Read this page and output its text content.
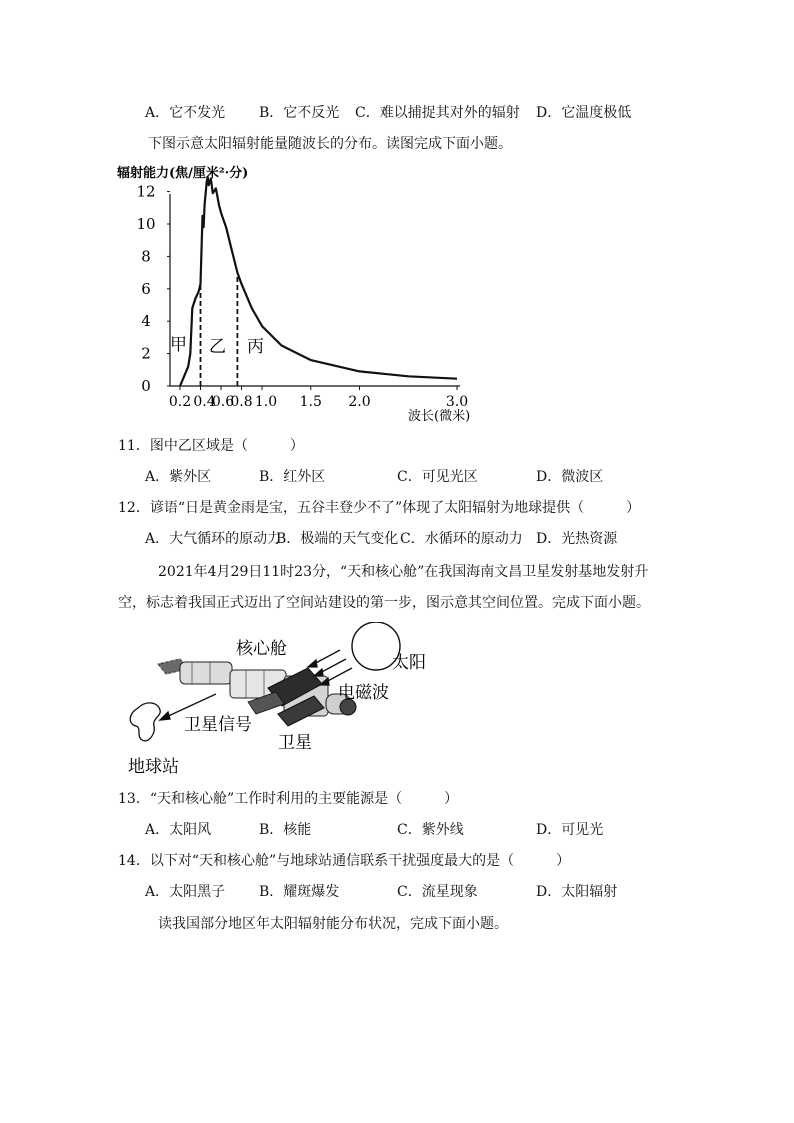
A．它不发光 B．它不反光 C．难以捕捉其对外的辐射 D．它温度极低
下图示意太阳辐射能量随波长的分布。读图完成下面小题。
辐射能力(焦/厘米²·分)
0
2
4
6
8
10
12
0.2 0.4
0.6
0.8 1.0 1.5 2.0	3.0
甲 乙 丙
波长(微米)
11．图中乙区域是（　　　）
A．紫外区	B．红外区	C．可见光区	D．微波区
12．谚语“日是黄金雨是宝，五谷丰登少不了”体现了太阳辐射为地球提供（　　　）
A．大气循环的原动力
B．极端的天气变化 C．水循环的原动力 D．光热资源
2021年4月29日11时23分，“天和核心舱”在我国海南文昌卫星发射基地发射升
空，标志着我国正式迈出了空间站建设的第一步，图示意其空间位置。完成下面小题。
核心舱
太阳
电磁波
卫星信号
卫星
地球站
13．“天和核心舱”工作时利用的主要能源是（　　　）
A．太阳风	B．核能	C．紫外线	D．可见光
14．以下对“天和核心舱”与地球站通信联系干扰强度最大的是（　　　）
A．太阳黑子 B．耀斑爆发	C．流星现象	D．太阳辐射
读我国部分地区年太阳辐射能分布状况，完成下面小题。
